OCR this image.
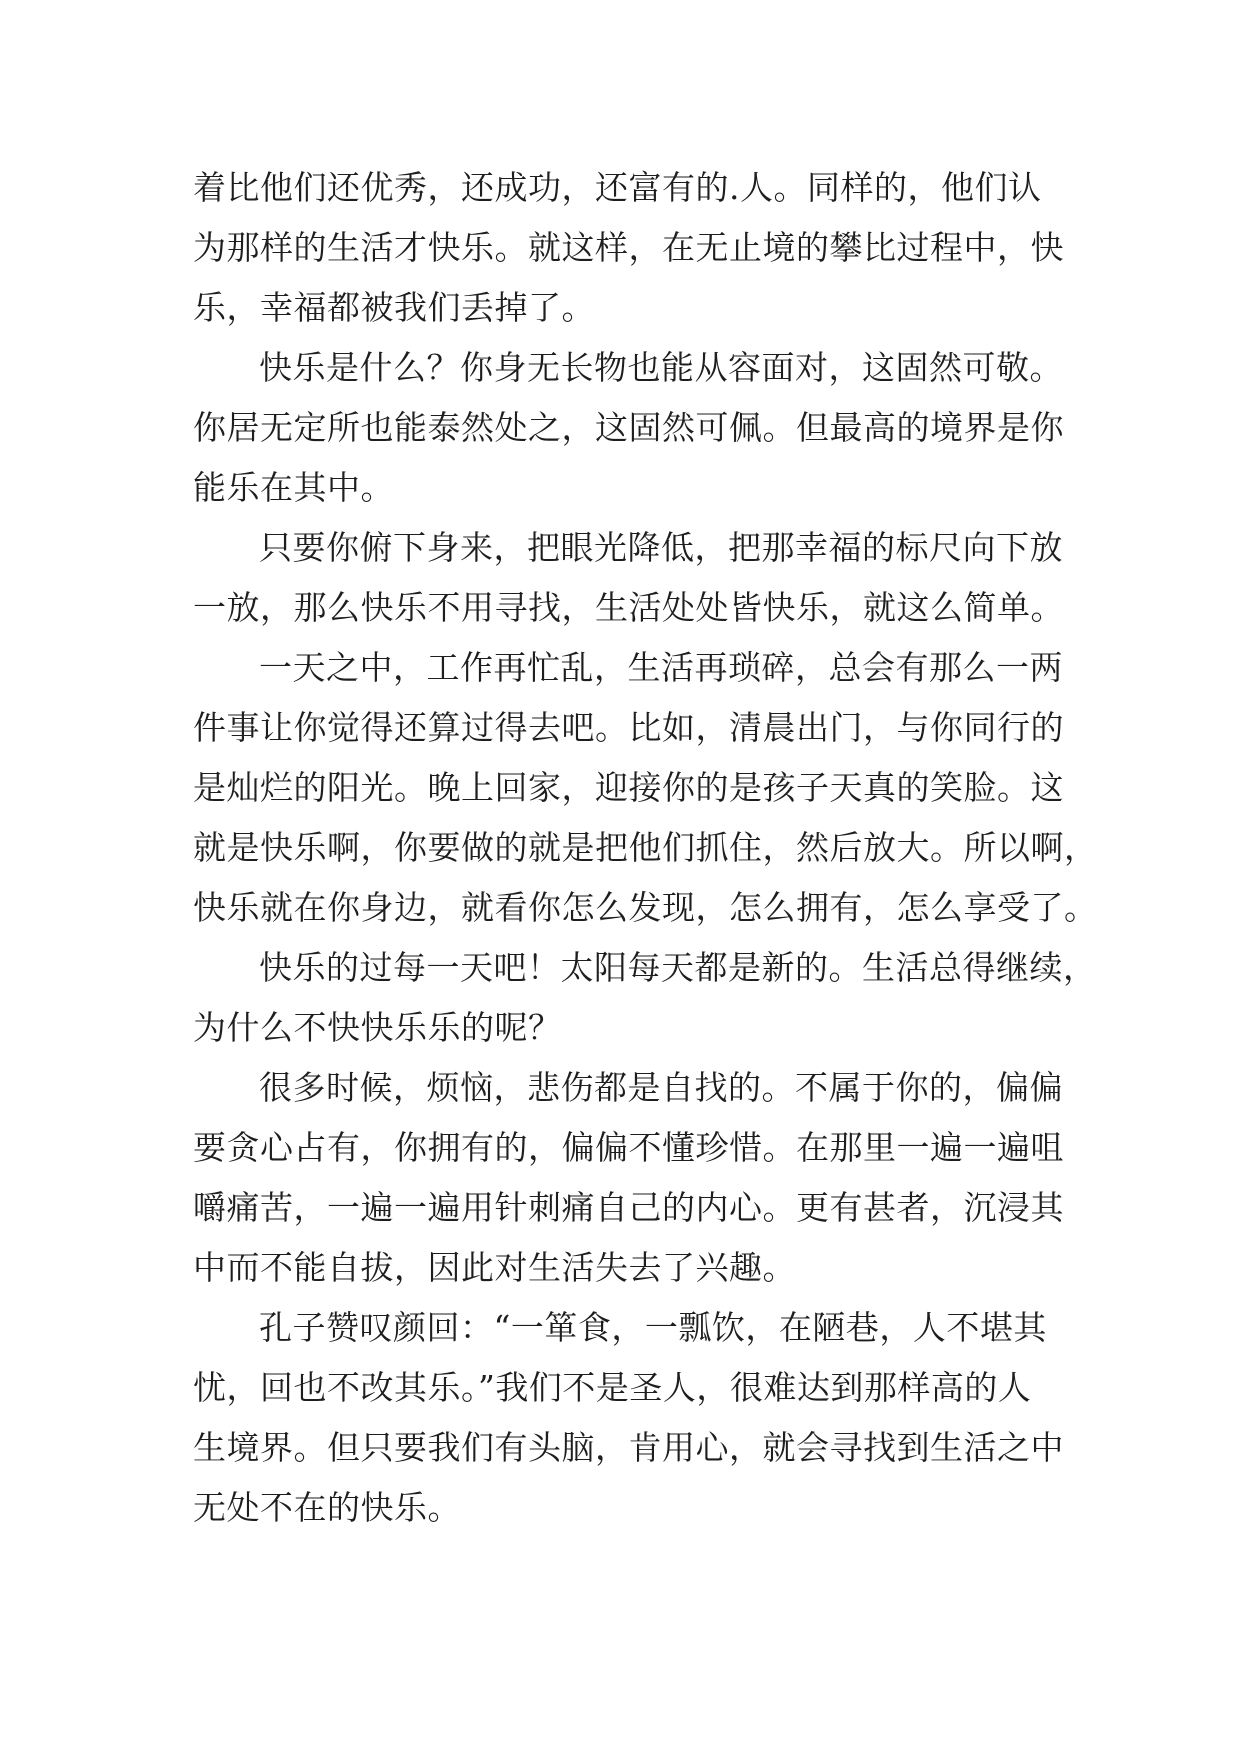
着比他们还优秀，还成功，还富有的.人。同样的，他们认
为那样的生活才快乐。就这样，在无止境的攀比过程中，快
乐，幸福都被我们丢掉了。
快乐是什么？你身无长物也能从容面对，这固然可敬。
你居无定所也能泰然处之，这固然可佩。但最高的境界是你
能乐在其中。
只要你俯下身来，把眼光降低，把那幸福的标尺向下放
一放，那么快乐不用寻找，生活处处皆快乐，就这么简单。
一天之中，工作再忙乱，生活再琐碎，总会有那么一两
件事让你觉得还算过得去吧。比如，清晨出门，与你同行的
是灿烂的阳光。晚上回家，迎接你的是孩子天真的笑脸。这
就是快乐啊，你要做的就是把他们抓住，然后放大。所以啊，
快乐就在你身边，就看你怎么发现，怎么拥有，怎么享受了。
快乐的过每一天吧！太阳每天都是新的。生活总得继续，
为什么不快快乐乐的呢？
很多时候，烦恼，悲伤都是自找的。不属于你的，偏偏
要贪心占有，你拥有的，偏偏不懂珍惜。在那里一遍一遍咀
嚼痛苦，一遍一遍用针刺痛自己的内心。更有甚者，沉浸其
中而不能自拔，因此对生活失去了兴趣。
孔子赞叹颜回：“一箪食，一瓢饮，在陋巷，人不堪其
忧，回也不改其乐。”我们不是圣人，很难达到那样高的人
生境界。但只要我们有头脑，肯用心，就会寻找到生活之中
无处不在的快乐。
